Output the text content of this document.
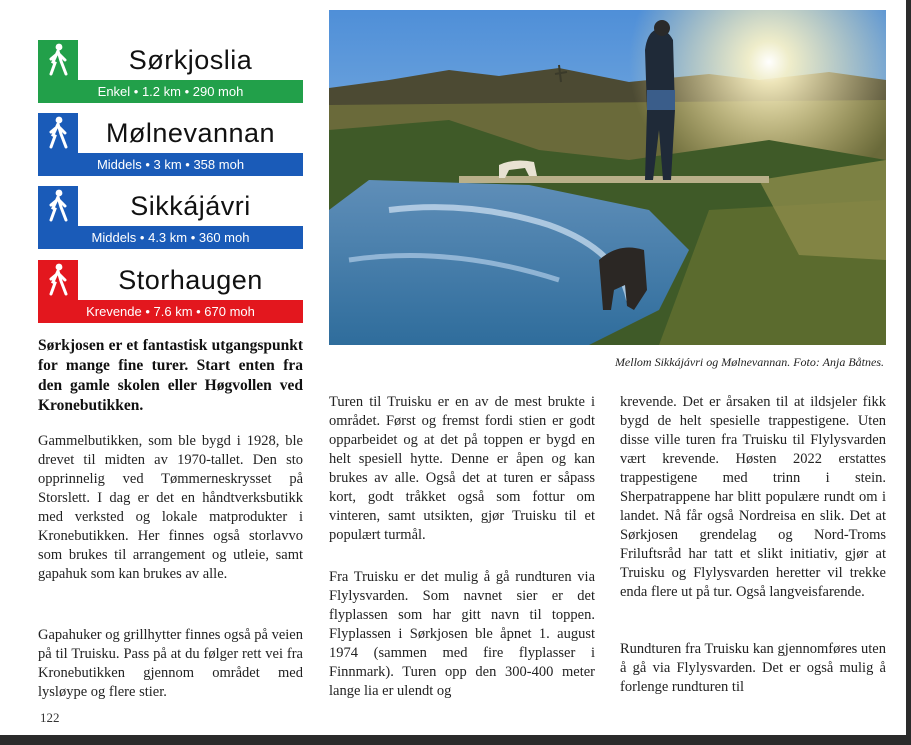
Sørkjoslia
Enkel • 1.2 km • 290 moh
Mølnevannan
Middels • 3 km • 358 moh
Sikkájávri
Middels • 4.3 km • 360 moh
Storhaugen
Krevende • 7.6 km • 670 moh
Mellom Sikkájávri og Mølnevannan. Foto: Anja Båtnes.
Sørkjosen er et fantastisk utgangspunkt for mange fine turer. Start enten fra den gamle skolen eller Høgvollen ved Kronebutikken.
Gammelbutikken, som ble bygd i 1928, ble drevet til midten av 1970-tallet. Den sto opprinnelig ved Tømmerneskrysset på Storslett. I dag er det en håndtverksbutikk med verksted og lokale matprodukter i Kronebutikken. Her finnes også storlavvo som brukes til arrangement og utleie, samt gapahuk som kan brukes av alle.
Gapahuker og grillhytter finnes også på veien på til Truisku. Pass på at du følger rett vei fra Kronebutikken gjennom området med lysløype og flere stier.
Turen til Truisku er en av de mest brukte i området. Først og fremst fordi stien er godt opparbeidet og at det på toppen er bygd en helt spesiell hytte. Denne er åpen og kan brukes av alle. Også det at turen er såpass kort, godt tråkket også som fottur om vinteren, samt utsikten, gjør Truisku til et populært turmål.
Fra Truisku er det mulig å gå rundturen via Flylysvarden. Som navnet sier er det flyplassen som har gitt navn til toppen. Flyplassen i Sørkjosen ble åpnet 1. august 1974 (sammen med fire flyplasser i Finnmark). Turen opp den 300-400 meter lange lia er ulendt og
krevende. Det er årsaken til at ildsjeler fikk bygd de helt spesielle trappestigene. Uten disse ville turen fra Truisku til Flylysvarden vært krevende. Høsten 2022 erstattes trappestigene med trinn i stein. Sherpatrappene har blitt populære rundt om i landet. Nå får også Nordreisa en slik. Det at Sørkjosen grendelag og Nord-Troms Friluftsråd har tatt et slikt initiativ, gjør at Truisku og Flylysvarden heretter vil trekke enda flere ut på tur. Også langveisfarende.
Rundturen fra Truisku kan gjennomføres uten å gå via Flylysvarden. Det er også mulig å forlenge rundturen til
122
